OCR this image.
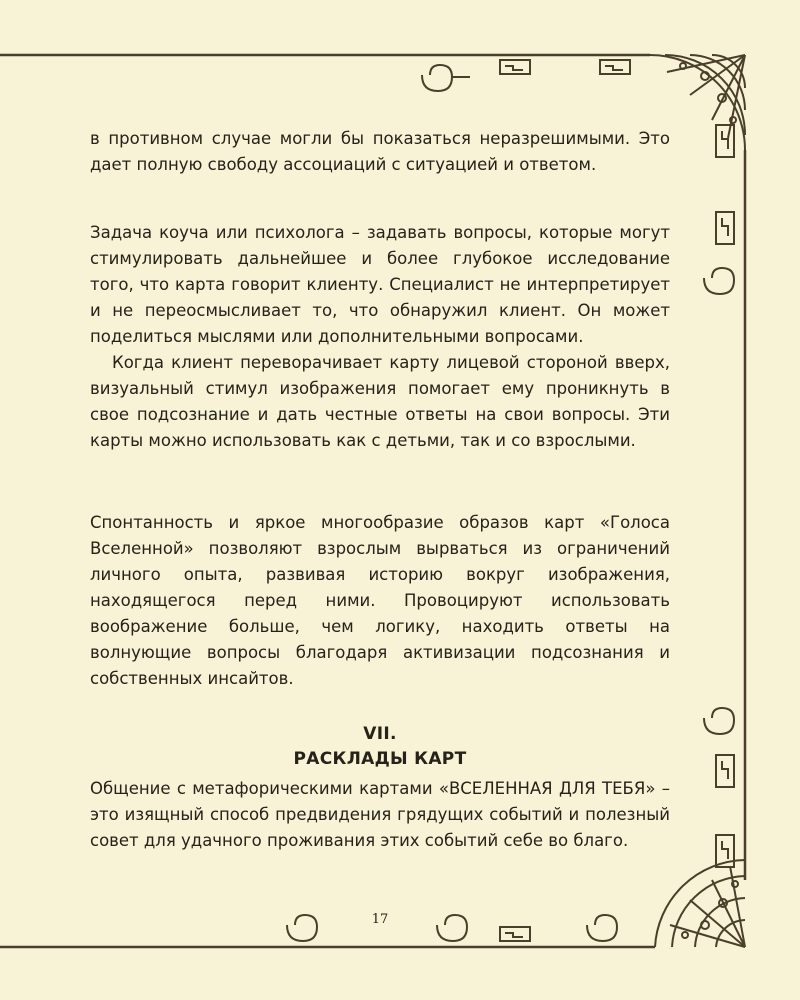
в противном случае могли бы показаться неразрешимыми. Это дает полную свободу ассоциаций с ситуацией и ответом.

Задача коуча или психолога – задавать вопросы, которые могут стимулировать дальнейшее и более глубокое исследование того, что карта говорит клиенту. Специалист не интерпретирует и не переосмысливает то, что обнаружил клиент. Он может поделиться мыслями или дополнительными вопросами.

Когда клиент переворачивает карту лицевой стороной вверх, визуальный стимул изображения помогает ему проникнуть в свое подсознание и дать честные ответы на свои вопросы. Эти карты можно использовать как с детьми, так и со взрослыми.

Спонтанность и яркое многообразие образов карт «Голоса Вселенной» позволяют взрослым вырваться из ограничений личного опыта, развивая историю вокруг изображения, находящегося перед ними. Провоцируют использовать воображение больше, чем логику, находить ответы на волнующие вопросы благодаря активизации подсознания и собственных инсайтов.

VII.
РАСКЛАДЫ КАРТ

Общение с метафорическими картами «ВСЕЛЕННАЯ ДЛЯ ТЕБЯ» – это изящный способ предвидения грядущих событий и полезный совет для удачного проживания этих событий себе во благо.

17
